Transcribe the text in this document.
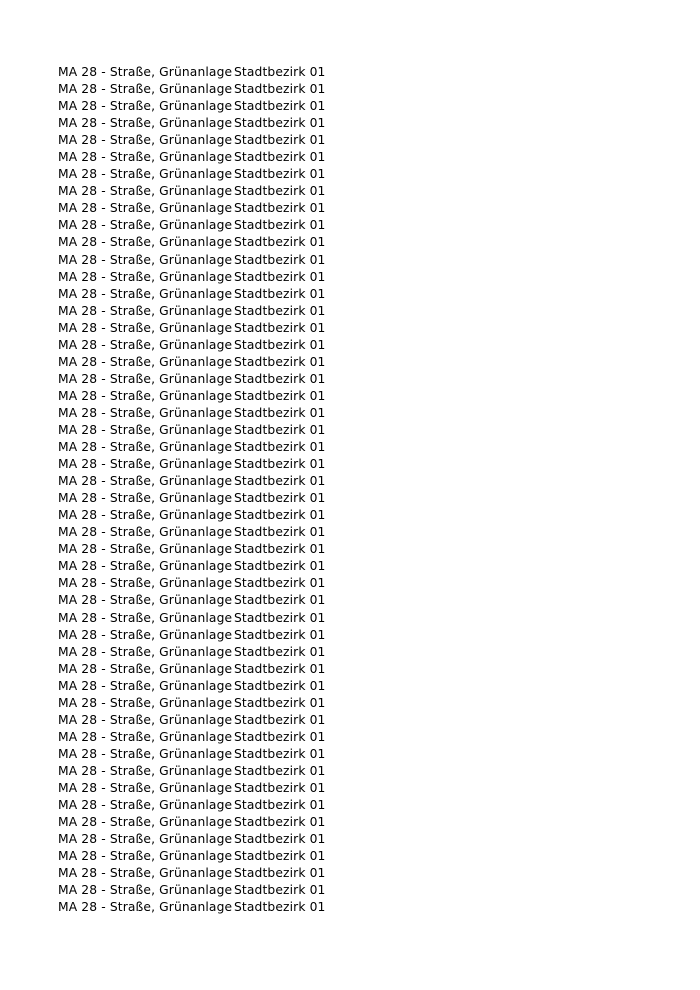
MA 28 - Straße, Grünanlage Stadtbezirk 01
MA 28 - Straße, Grünanlage Stadtbezirk 01
MA 28 - Straße, Grünanlage Stadtbezirk 01
MA 28 - Straße, Grünanlage Stadtbezirk 01
MA 28 - Straße, Grünanlage Stadtbezirk 01
MA 28 - Straße, Grünanlage Stadtbezirk 01
MA 28 - Straße, Grünanlage Stadtbezirk 01
MA 28 - Straße, Grünanlage Stadtbezirk 01
MA 28 - Straße, Grünanlage Stadtbezirk 01
MA 28 - Straße, Grünanlage Stadtbezirk 01
MA 28 - Straße, Grünanlage Stadtbezirk 01
MA 28 - Straße, Grünanlage Stadtbezirk 01
MA 28 - Straße, Grünanlage Stadtbezirk 01
MA 28 - Straße, Grünanlage Stadtbezirk 01
MA 28 - Straße, Grünanlage Stadtbezirk 01
MA 28 - Straße, Grünanlage Stadtbezirk 01
MA 28 - Straße, Grünanlage Stadtbezirk 01
MA 28 - Straße, Grünanlage Stadtbezirk 01
MA 28 - Straße, Grünanlage Stadtbezirk 01
MA 28 - Straße, Grünanlage Stadtbezirk 01
MA 28 - Straße, Grünanlage Stadtbezirk 01
MA 28 - Straße, Grünanlage Stadtbezirk 01
MA 28 - Straße, Grünanlage Stadtbezirk 01
MA 28 - Straße, Grünanlage Stadtbezirk 01
MA 28 - Straße, Grünanlage Stadtbezirk 01
MA 28 - Straße, Grünanlage Stadtbezirk 01
MA 28 - Straße, Grünanlage Stadtbezirk 01
MA 28 - Straße, Grünanlage Stadtbezirk 01
MA 28 - Straße, Grünanlage Stadtbezirk 01
MA 28 - Straße, Grünanlage Stadtbezirk 01
MA 28 - Straße, Grünanlage Stadtbezirk 01
MA 28 - Straße, Grünanlage Stadtbezirk 01
MA 28 - Straße, Grünanlage Stadtbezirk 01
MA 28 - Straße, Grünanlage Stadtbezirk 01
MA 28 - Straße, Grünanlage Stadtbezirk 01
MA 28 - Straße, Grünanlage Stadtbezirk 01
MA 28 - Straße, Grünanlage Stadtbezirk 01
MA 28 - Straße, Grünanlage Stadtbezirk 01
MA 28 - Straße, Grünanlage Stadtbezirk 01
MA 28 - Straße, Grünanlage Stadtbezirk 01
MA 28 - Straße, Grünanlage Stadtbezirk 01
MA 28 - Straße, Grünanlage Stadtbezirk 01
MA 28 - Straße, Grünanlage Stadtbezirk 01
MA 28 - Straße, Grünanlage Stadtbezirk 01
MA 28 - Straße, Grünanlage Stadtbezirk 01
MA 28 - Straße, Grünanlage Stadtbezirk 01
MA 28 - Straße, Grünanlage Stadtbezirk 01
MA 28 - Straße, Grünanlage Stadtbezirk 01
MA 28 - Straße, Grünanlage Stadtbezirk 01
MA 28 - Straße, Grünanlage Stadtbezirk 01
